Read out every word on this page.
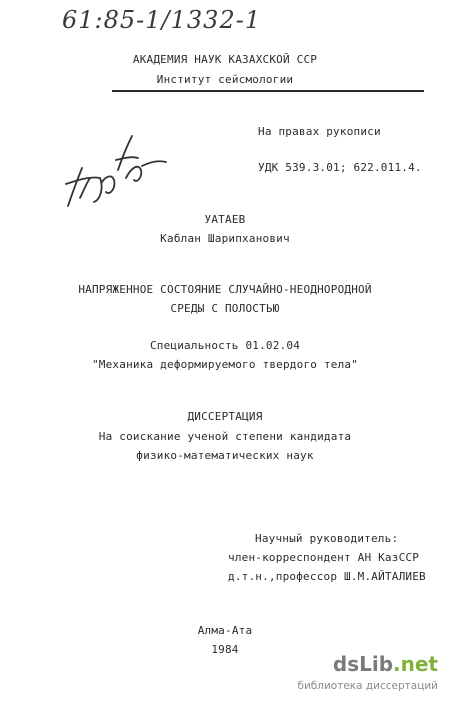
61:85-1/1332-1
АКАДЕМИЯ НАУК КАЗАХСКОЙ ССР
Институт сейсмологии
На правах рукописи
УДК 539.3.01; 622.011.4.
УАТАЕВ
Каблан Шарипханович
НАПРЯЖЕННОЕ СОСТОЯНИЕ СЛУЧАЙНО-НЕОДНОРОДНОЙ
СРЕДЫ С ПОЛОСТЬЮ
Специальность 01.02.04
"Механика деформируемого твердого тела"
ДИССЕРТАЦИЯ
На соискание ученой степени кандидата
физико-математических наук
Научный руководитель:
член-корреспондент АН КазССР
д.т.н.,профессор Ш.М.АЙТАЛИЕВ
Алма-Ата
1984
dsLib.net
библиотека диссертаций
